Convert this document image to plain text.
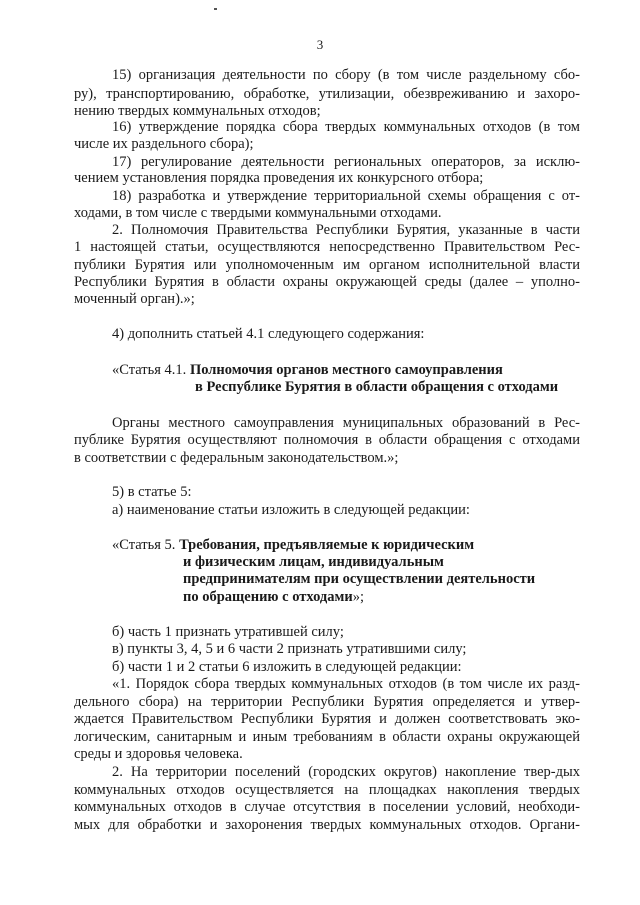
3
15) организация деятельности по сбору (в том числе раздельному сбо-
ру), транспортированию, обработке, утилизации, обезвреживанию и захоро-
нению твердых коммунальных отходов;
16) утверждение порядка сбора твердых коммунальных отходов (в том
числе их раздельного сбора);
17) регулирование деятельности региональных операторов, за исклю-
чением установления порядка проведения их конкурсного отбора;
18) разработка и утверждение территориальной схемы обращения с от-
ходами, в том числе с твердыми коммунальными отходами.
2. Полномочия Правительства Республики Бурятия, указанные в части
1 настоящей статьи, осуществляются непосредственно Правительством Рес-
публики Бурятия или уполномоченным им органом исполнительной власти
Республики Бурятия в области охраны окружающей среды (далее – уполно-
моченный орган).»;
4) дополнить статьей 4.1 следующего содержания:
«Статья 4.1. Полномочия органов местного самоуправления
в Республике Бурятия в области обращения с отходами
Органы местного самоуправления муниципальных образований в Рес-
публике Бурятия осуществляют полномочия в области обращения с отходами
в соответствии с федеральным законодательством.»;
5) в статье 5:
а) наименование статьи изложить в следующей редакции:
«Статья 5. Требования, предъявляемые к юридическим
и физическим лицам, индивидуальным
предпринимателям при осуществлении деятельности
по обращению с отходами»;
б) часть 1 признать утратившей силу;
в) пункты 3, 4, 5 и 6 части 2 признать утратившими силу;
б) части 1 и 2 статьи 6 изложить в следующей редакции:
«1. Порядок сбора твердых коммунальных отходов (в том числе их разд-
дельного сбора) на территории Республики Бурятия определяется и утвер-
ждается Правительством Республики Бурятия и должен соответствовать эко-
логическим, санитарным и иным требованиям в области охраны окружающей
среды и здоровья человека.
2. На территории поселений (городских округов) накопление твер-дых
коммунальных отходов осуществляется на площадках накопления твердых
коммунальных отходов в случае отсутствия в поселении условий, необходи-
мых для обработки и захоронения твердых коммунальных отходов. Органи-
